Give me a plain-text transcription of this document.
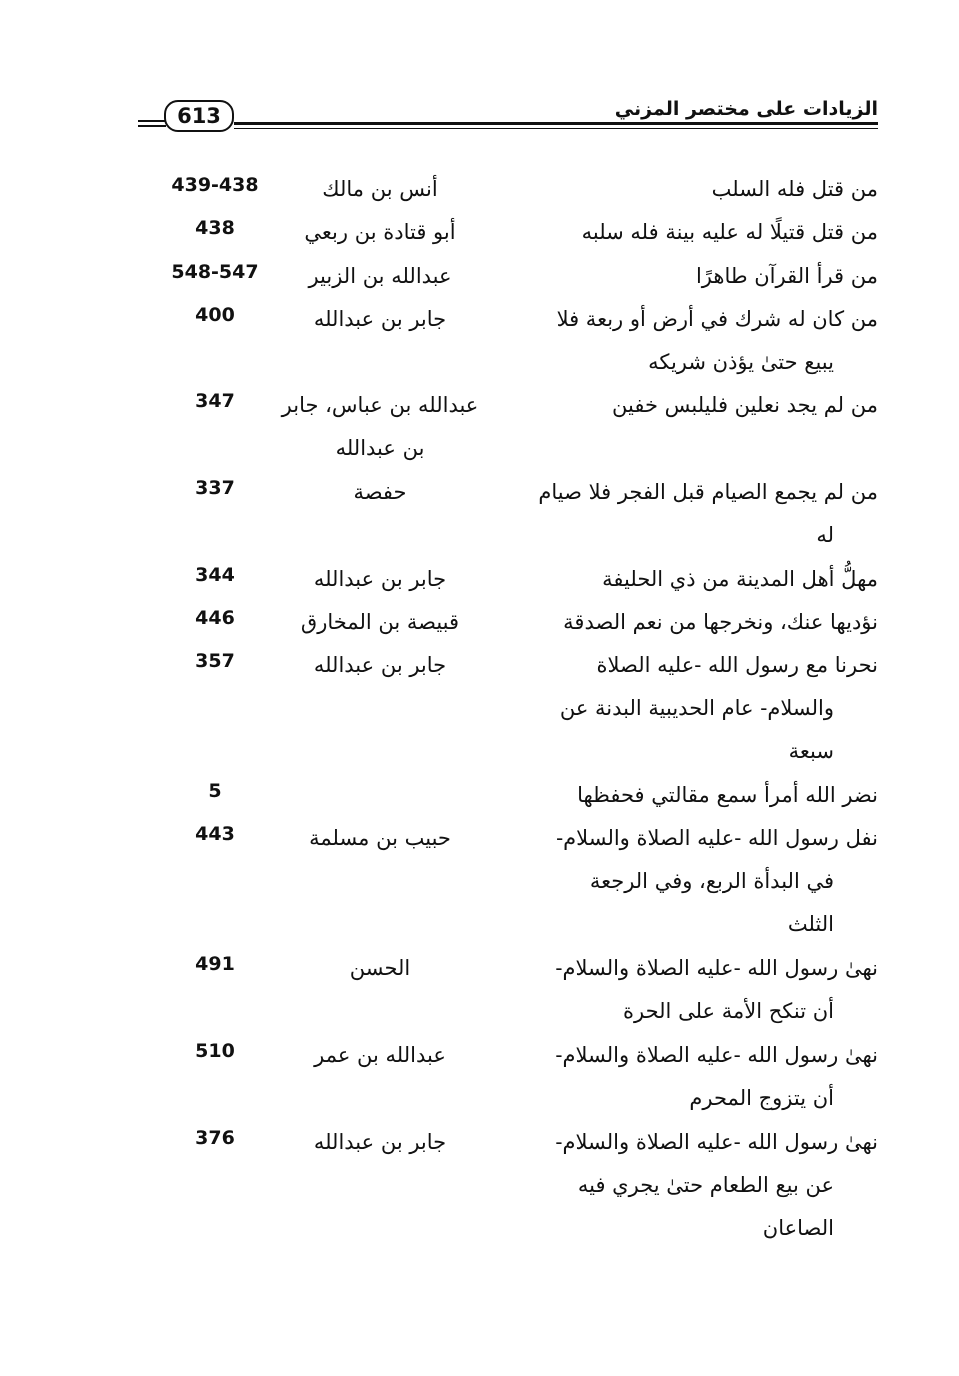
613	الزيادات على مختصر المزني
من قتل فله السلب
أنس بن مالك
439-438
من قتل قتيلًا له عليه بينة فله سلبه
أبو قتادة بن ربعي
438
من قرأ القرآن طاهرًا
عبدالله بن الزبير
548-547
من كان له شرك في أرض أو ربعة فلا
يبيع حتىٰ يؤذن شريكه
جابر بن عبدالله
400
من لم يجد نعلين فليلبس خفين
عبدالله بن عباس، جابر
بن عبدالله
347
من لم يجمع الصيام قبل الفجر فلا صيام
له
حفصة
337
مهلُّ أهل المدينة من ذي الحليفة
جابر بن عبدالله
344
نؤديها عنك، ونخرجها من نعم الصدقة
قبيصة بن المخارق
446
نحرنا مع رسول الله -عليه الصلاة
والسلام- عام الحديبية البدنة عن
سبعة
جابر بن عبدالله
357
نضر الله أمرأ سمع مقالتي فحفظها
5
نفل رسول الله -عليه الصلاة والسلام-
في البدأة الربع، وفي الرجعة
الثلث
حبيب بن مسلمة
443
نهىٰ رسول الله -عليه الصلاة والسلام-
أن تنكح الأمة على الحرة
الحسن
491
نهىٰ رسول الله -عليه الصلاة والسلام-
أن يتزوج المحرم
عبدالله بن عمر
510
نهىٰ رسول الله -عليه الصلاة والسلام-
عن بيع الطعام حتىٰ يجري فيه
الصاعان
جابر بن عبدالله
376
